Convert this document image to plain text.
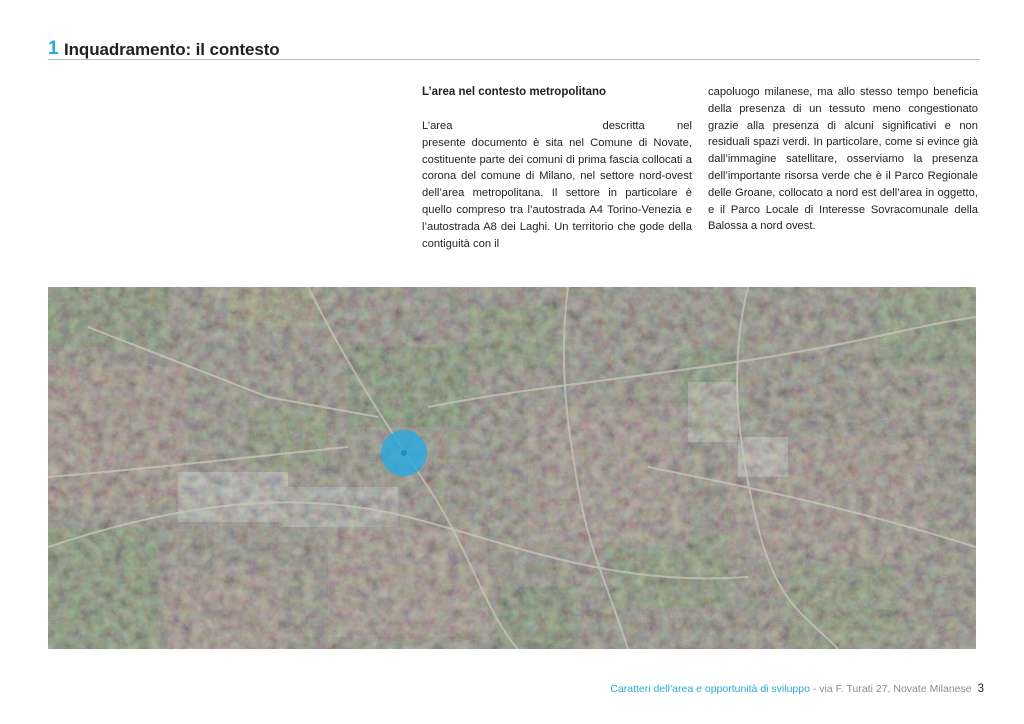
1 Inquadramento: il contesto
L’area nel contesto metropolitano

L’area	descritta nel presente documento è sita nel Comune di Novate, costituente parte dei comuni di prima fascia collocati a corona del comune di Milano, nel settore nord-ovest dell’area metropolitana. Il settore in particolare è quello compreso tra l’autostrada A4 Torino-Venezia e l’autostrada A8 dei Laghi. Un territorio che gode della contiguità con il

capoluogo milanese, ma allo stesso tempo beneficia della presenza di un tessuto meno congestionato grazie alla presenza di alcuni significativi e non residuali spazi verdi. In particolare, come si evince già dall’immagine satellitare, osserviamo la presenza dell’importante risorsa verde che è il Parco Regionale delle Groane, collocato a nord est dell’area in oggetto, e il Parco Locale di Interesse Sovracomunale della Balossa a nord ovest.

Caratteri dell’area e opportunità di sviluppo - via F. Turati 27, Novate Milanese 3
